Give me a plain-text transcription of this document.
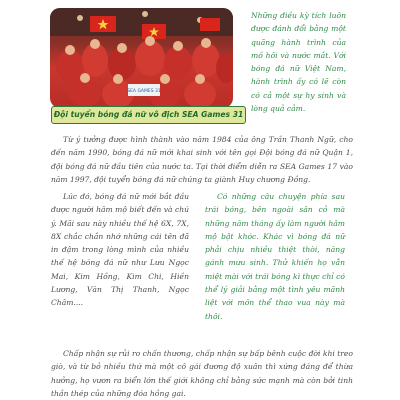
SEA GAMES 31
Đội tuyển bóng đá nữ vô địch SEA Games 31

Những điều kỳ tích luôn được đánh đổi bằng một quãng hành trình của mồ hôi và nước mắt. Với bóng đá nữ Việt Nam, hành trình ấy có lẽ còn có cả một sự hy sinh và lòng quả cảm.

Từ ý tưởng được hình thành vào năm 1984 của ông Trần Thanh Ngữ, cho đến năm 1990, bóng đá nữ mới khai sinh với tên gọi Đội bóng đá nữ Quận 1, đội bóng đá nữ đầu tiên của nước ta. Tại thời điểm diễn ra SEA Games 17 vào năm 1997, đội tuyển bóng đá nữ chúng ta giành Huy chương Đồng.

Lúc đó, bóng đá nữ mới bắt đầu được người hâm mộ biết đến và chú ý. Mãi sau này nhiều thế hệ 6X, 7X, 8X chắc chắn nhớ những cái tên đã in đậm trong lòng mình của nhiều thế hệ bóng đá nữ như Lưu Ngọc Mai, Kim Hồng, Kim Chi, Hiền Lương, Văn Thị Thanh, Ngọc Châm....

Có những câu chuyện phía sau trái bóng, bên ngoài sân cỏ mà những năm tháng ấy làm người hâm mộ bật khóc. Khác vì bóng đá nữ phải chịu nhiều thiệt thòi, năng gánh mưu sinh. Thử khiến họ vẫn miệt mài với trái bóng kì thực chỉ có thể lý giải bằng một tình yêu mãnh liệt với môn thể thao vua này mà thôi.

Chấp nhận sự rủi ro chấn thương, chấp nhận sự bấp bênh cuộc đời khi treo giò, và từ bỏ nhiều thứ mà một cô gái đương độ xuân thì xứng đáng để thừa hưởng, họ vươn ra biển lớn thế giới không chỉ bằng sức mạnh mà còn bởi tinh thần thép của những đóa hồng gai.
